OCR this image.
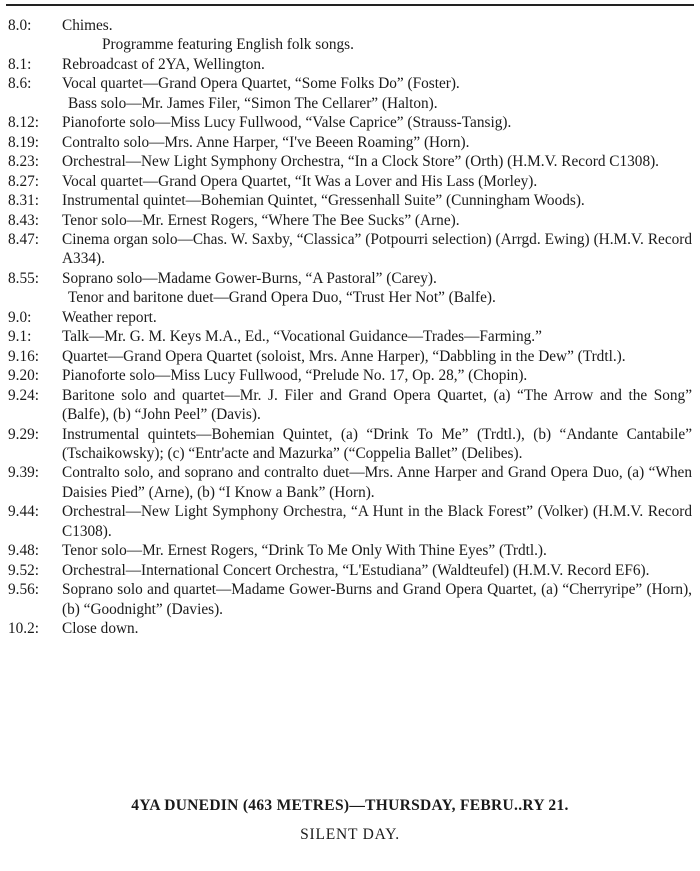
8.0:	Chimes.
Programme featuring English folk songs.
8.1:	Rebroadcast of 2YA, Wellington.
8.6:	Vocal quartet—Grand Opera Quartet, “Some Folks Do” (Foster).
Bass solo—Mr. James Filer, “Simon The Cellarer” (Halton).
8.12:	Pianoforte solo—Miss Lucy Fullwood, “Valse Caprice” (Strauss-Tansig).
8.19:	Contralto solo—Mrs. Anne Harper, “I've Beeen Roaming” (Horn).
8.23:	Orchestral—New Light Symphony Orchestra, “In a Clock Store” (Orth) (H.M.V. Record C1308).
8.27:	Vocal quartet—Grand Opera Quartet, “It Was a Lover and His Lass (Morley).
8.31:	Instrumental quintet—Bohemian Quintet, “Gressenhall Suite” (Cunningham Woods).
8.43:	Tenor solo—Mr. Ernest Rogers, “Where The Bee Sucks” (Arne).
8.47:	Cinema organ solo—Chas. W. Saxby, “Classica” (Potpourri selection) (Arrgd. Ewing) (H.M.V. Record A334).
8.55:	Soprano solo—Madame Gower-Burns, “A Pastoral” (Carey).
Tenor and baritone duet—Grand Opera Duo, “Trust Her Not” (Balfe).
9.0:	Weather report.
9.1:	Talk—Mr. G. M. Keys M.A., Ed., “Vocational Guidance—Trades—Farming.”
9.16:	Quartet—Grand Opera Quartet (soloist, Mrs. Anne Harper), “Dabbling in the Dew” (Trdtl.).
9.20:	Pianoforte solo—Miss Lucy Fullwood, “Prelude No. 17, Op. 28,” (Chopin).
9.24:	Baritone solo and quartet—Mr. J. Filer and Grand Opera Quartet, (a) “The Arrow and the Song” (Balfe), (b) “John Peel” (Davis).
9.29:	Instrumental quintets—Bohemian Quintet, (a) “Drink To Me” (Trdtl.), (b) “Andante Cantabile” (Tschaikowsky); (c) “Entr'acte and Mazurka” (“Coppelia Ballet” (Delibes).
9.39:	Contralto solo, and soprano and contralto duet—Mrs. Anne Harper and Grand Opera Duo, (a) “When Daisies Pied” (Arne), (b) “I Know a Bank” (Horn).
9.44:	Orchestral—New Light Symphony Orchestra, “A Hunt in the Black Forest” (Volker) (H.M.V. Record C1308).
9.48:	Tenor solo—Mr. Ernest Rogers, “Drink To Me Only With Thine Eyes” (Trdtl.).
9.52:	Orchestral—International Concert Orchestra, “L'Estudiana” (Waldteufel) (H.M.V. Record EF6).
9.56:	Soprano solo and quartet—Madame Gower-Burns and Grand Opera Quartet, (a) “Cherryripe” (Horn), (b) “Goodnight” (Davies).
10.2:	Close down.
4YA DUNEDIN (463 METRES)—THURSDAY, FEBRU..RY 21.
SILENT DAY.
